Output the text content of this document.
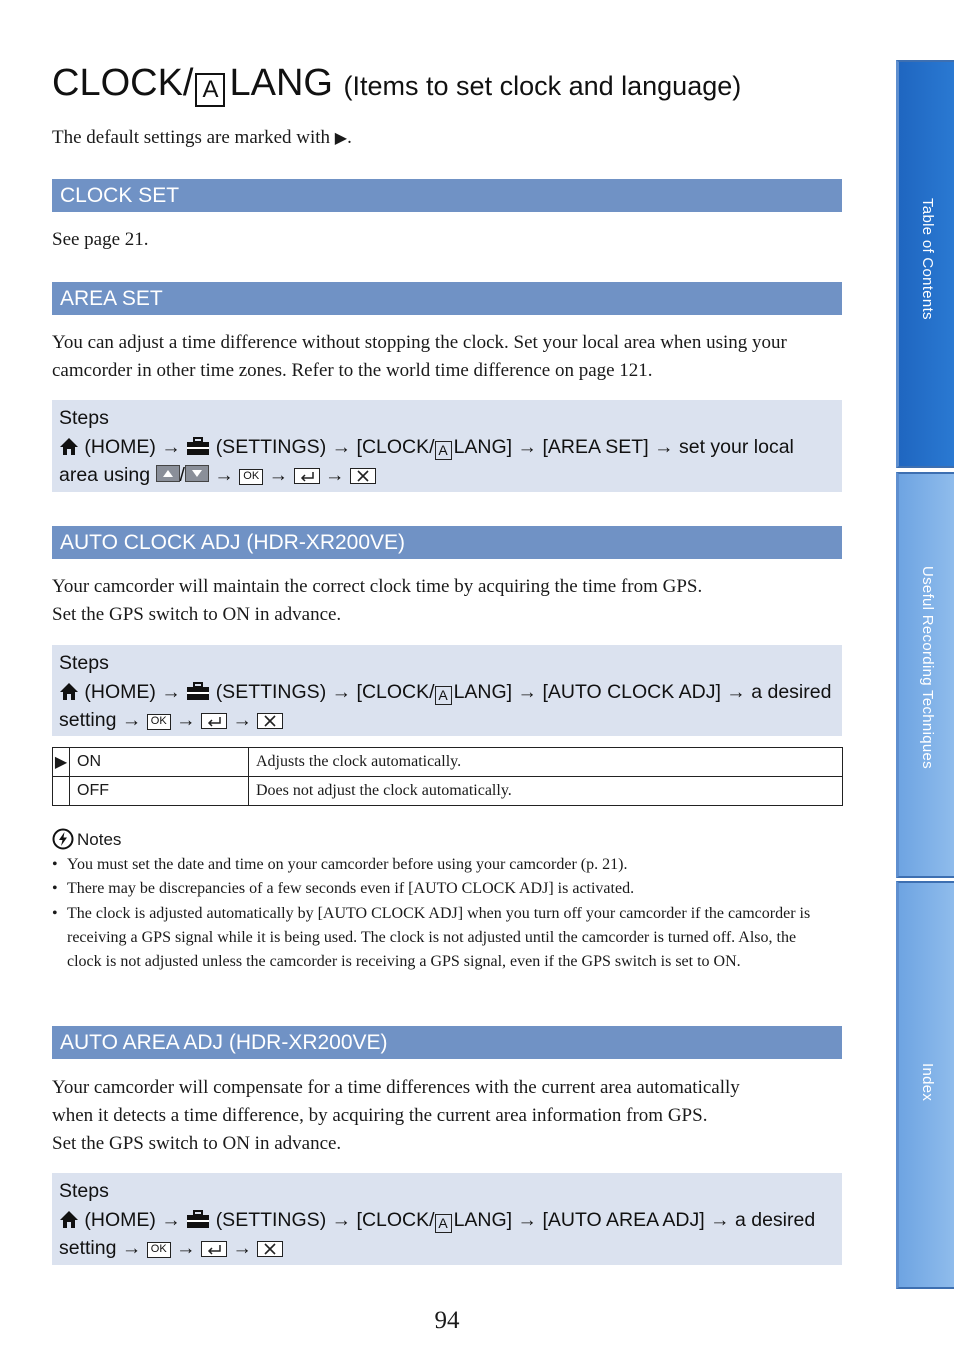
CLOCK/ A LANG (Items to set clock and language)

The default settings are marked with ▶.

CLOCK SET

See page 21.

AREA SET

You can adjust a time difference without stopping the clock. Set your local area when using your camcorder in other time zones. Refer to the world time difference on page 121.

Steps
(HOME) → (SETTINGS) → [CLOCK/ A LANG] → [AREA SET] → set your local area using / → OK → →
AUTO CLOCK ADJ (HDR-XR200VE)

Your camcorder will maintain the correct clock time by acquiring the time from GPS.
Set the GPS switch to ON in advance.

Steps
(HOME) → (SETTINGS) → [CLOCK/ A LANG] → [AUTO CLOCK ADJ] → a desired setting → OK → →
▶	ON	Adjusts the clock automatically.
	OFF	Does not adjust the clock automatically.
Notes
• You must set the date and time on your camcorder before using your camcorder (p. 21).
• There may be discrepancies of a few seconds even if [AUTO CLOCK ADJ] is activated.
• The clock is adjusted automatically by [AUTO CLOCK ADJ] when you turn off your camcorder if the camcorder is receiving a GPS signal while it is being used. The clock is not adjusted until the camcorder is turned off. Also, the clock is not adjusted unless the camcorder is receiving a GPS signal, even if the GPS switch is set to ON.
AUTO AREA ADJ (HDR-XR200VE)

Your camcorder will compensate for a time differences with the current area automatically
when it detects a time difference, by acquiring the current area information from GPS.
Set the GPS switch to ON in advance.

Steps
(HOME) → (SETTINGS) → [CLOCK/ A LANG] → [AUTO AREA ADJ] → a desired setting → OK → →
Table of Contents
Useful Recording Techniques
Index
94
